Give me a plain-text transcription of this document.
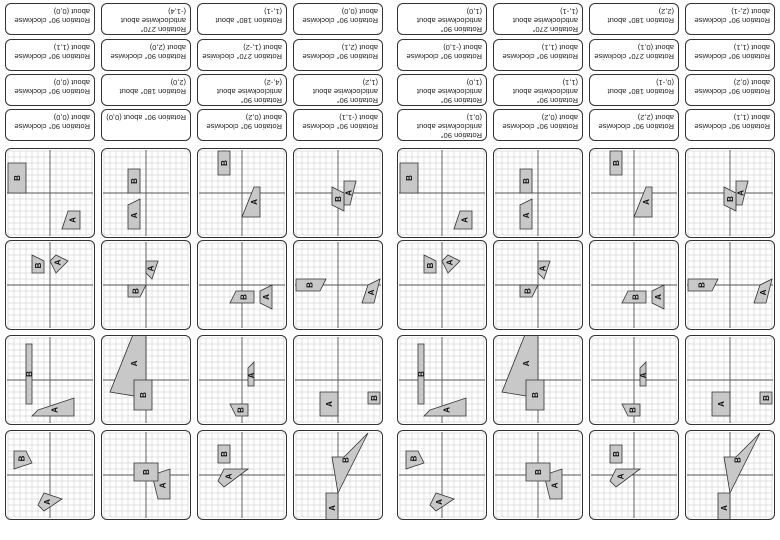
Rotation 90° clockwise about (0,0)
Rotation 270° anticlockwise about (-1,4)
Rotation 180° about (1,-1)
Rotation 90° clockwise about (0,0)
Rotation 90° clockwise about (1,1)
Rotation 90° clockwise about (2,0)
Rotation 270° clockwise about (1,-2)
Rotation 90° clockwise about (2,1)
Rotation 90° clockwise about (0,0)
Rotation 180° about (2,0)
Rotation 90° anticlockwise about (4,-2)
Rotation 90° anticlockwise about (1,2)
Rotation 90° clockwise about (0,0)	Rotation 90° about (0,0)
Rotation 90° clockwise about (0,2)
Rotation 90° clockwise about (-1,1)
A
B
A
B
A
B
A
B
A
B
A
B
A
B
A
B
A
B
A
B
A
B
A
B
A
B
A
B
A
B
A
B
Rotation 90° anticlockwise about (1,0)
Rotation 270° anticlockwise about (1,-1)
Rotation 180° about (2,2)
Rotation 90° clockwise about (2,-1)
Rotation 90° clockwise about (-1,0)
Rotation 90° clockwise about (1,1)
Rotation 270° clockwise about (0,1)
Rotation 90° clockwise about (1,1)
Rotation 90° anticlockwise about (1,0)
Rotation 90° anticlockwise about (1,1)
Rotation 180° about (0,-1)
Rotation 90° clockwise about (0,2)
Rotation 90° anticlockwise about (0,1)
Rotation 90° clockwise about (0,2)
Rotation 90° clockwise about (2,2)
Rotation 90° clockwise about (1,1)
A
B
A
B
A
B
A
B
A
B
A
B
A
B
A
B
A
B
A
B
A
B
A
B
A
B
A
B
A
B
A
B
